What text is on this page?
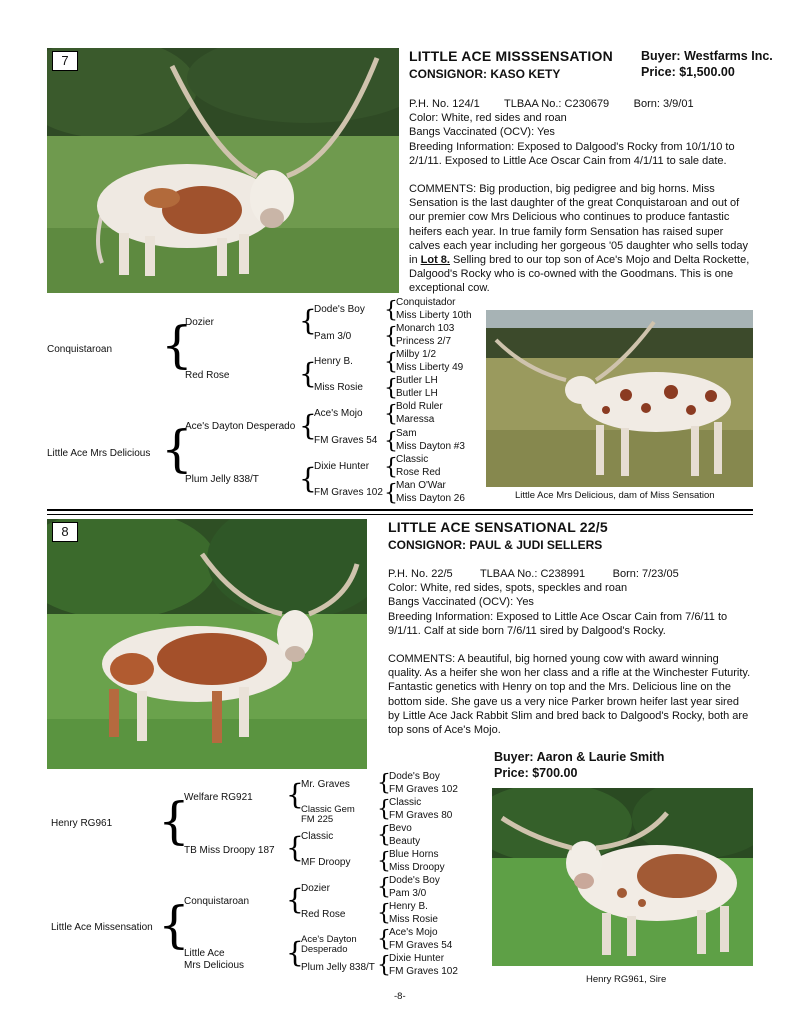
7	LITTLE ACE MISSSENSATION
CONSIGNOR: KASO KETY
Buyer: Westfarms Inc.
Price: $1,500.00

P.H. No. 124/1 TLBAA No.: C230679 Born: 3/9/01

Color: White, red sides and roan

Bangs Vaccinated (OCV): Yes

Breeding Information: Exposed to Dalgood's Rocky from 10/1/10 to 2/1/11. Exposed to Little Ace Oscar Cain from 4/1/11 to sale date.

COMMENTS: Big production, big pedigree and big horns. Miss Sensation is the last daughter of the great Conquistaroan and out of our premier cow Mrs Delicious who continues to produce fantastic heifers each year. In true family form Sensation has raised super calves each year including her gorgeous '05 daughter who sells today in Lot 8. Selling bred to our top son of Ace's Mojo and Delta Rockette, Dalgood's Rocky who is co-owned with the Goodmans. This is one exceptional cow.

Conquistaroan
Little Ace Mrs Delicious
{
{
Dozier
Red Rose
Ace's Dayton Desperado
Plum Jelly 838/T
{
{
{
{
Dode's Boy
Pam 3/0
Henry B.
Miss Rosie
Ace's Mojo
FM Graves 54
Dixie Hunter
FM Graves 102
{
{
{
{
{
{
{
{
Conquistador
Miss Liberty 10th
Monarch 103
Princess 2/7
Milby 1/2
Miss Liberty 49
Butler LH
Butler LH
Bold Ruler
Maressa
Sam
Miss Dayton #3
Classic
Rose Red
Man O'War
Miss Dayton 26	Little Ace Mrs Delicious, dam of Miss Sensation
8	LITTLE ACE SENSATIONAL 22/5
CONSIGNOR: PAUL & JUDI SELLERS

P.H. No. 22/5 TLBAA No.: C238991	Born: 7/23/05

Color: White, red sides, spots, speckles and roan

Bangs Vaccinated (OCV): Yes

Breeding Information: Exposed to Little Ace Oscar Cain from 7/6/11 to 9/1/11. Calf at side born 7/6/11 sired by Dalgood's Rocky.

COMMENTS: A beautiful, big horned young cow with award winning quality. As a heifer she won her class and a rifle at the Winchester Futurity. Fantastic genetics with Henry on top and the Mrs. Delicious line on the bottom side. She gave us a very nice Parker brown heifer last year sired by Little Ace Jack Rabbit Slim and bred back to Dalgood's Rocky, both are top sons of Ace's Mojo.

Buyer: Aaron & Laurie Smith
Price: $700.00
Henry RG961
Little Ace Missensation
{
{
Welfare RG921
TB Miss Droopy 187
Conquistaroan
Little Ace
Mrs Delicious
{
{
{
{
Mr. Graves
Classic Gem
FM 225
Classic
MF Droopy
Dozier
Red Rose
Ace's Dayton
Desperado
Plum Jelly 838/T
{
{
{
{
{
{
{
{
Dode's Boy
FM Graves 102
Classic
FM Graves 80
Bevo
Beauty
Blue Horns
Miss Droopy
Dode's Boy
Pam 3/0
Henry B.
Miss Rosie
Ace's Mojo
FM Graves 54
Dixie Hunter
FM Graves 102
Henry RG961, Sire
-8-
